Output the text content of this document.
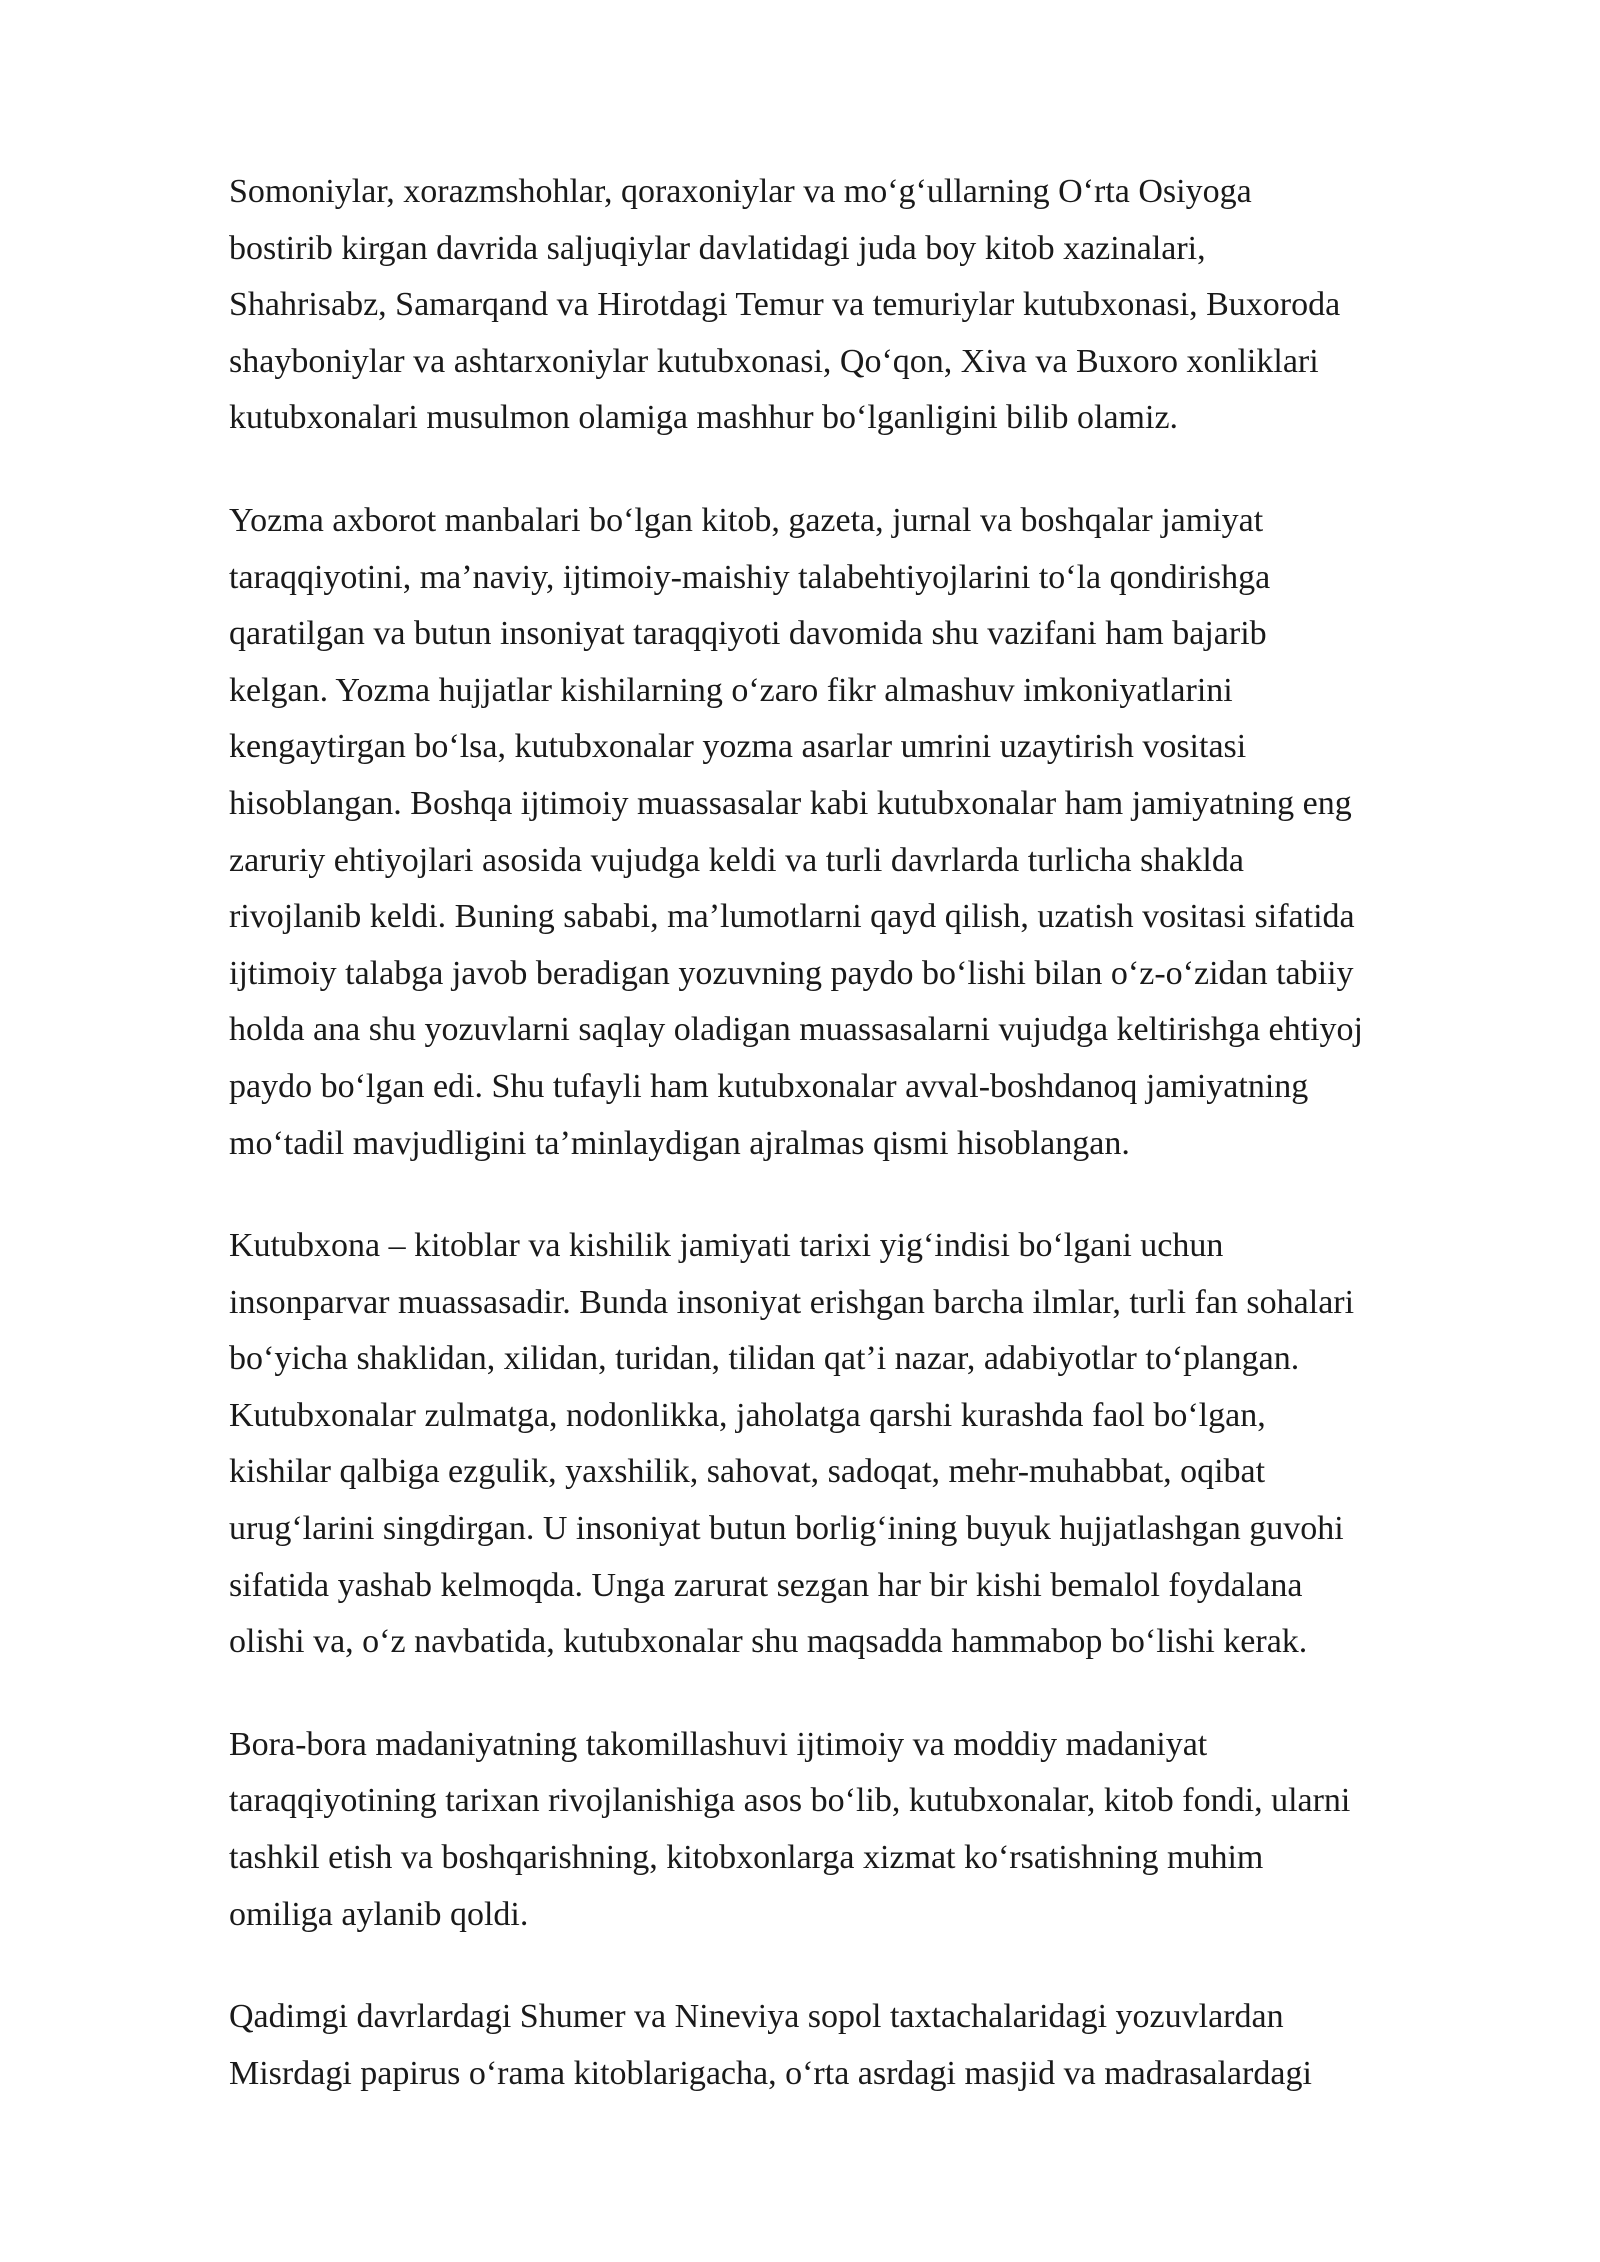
Somoniylar, xorazmshohlar, qoraxoniylar va moʻgʻullarning Oʻrta Osiyoga
bostirib kirgan davrida saljuqiylar davlatidagi juda boy kitob xazinalari,
Shahrisabz, Samarqand va Hirotdagi Temur va temuriylar kutubxonasi, Buxoroda
shayboniylar va ashtarxoniylar kutubxonasi, Qoʻqon, Xiva va Buxoro xonliklari
kutubxonalari musulmon olamiga mashhur boʻlganligini bilib olamiz.

Yozma axborot manbalari boʻlgan kitob, gazeta, jurnal va boshqalar jamiyat
taraqqiyotini, maʼnaviy, ijtimoiy-maishiy talabehtiyojlarini toʻla qondirishga
qaratilgan va butun insoniyat taraqqiyoti davomida shu vazifani ham bajarib
kelgan. Yozma hujjatlar kishilarning oʻzaro fikr almashuv imkoniyatlarini
kengaytirgan boʻlsa, kutubxonalar yozma asarlar umrini uzaytirish vositasi
hisoblangan. Boshqa ijtimoiy muassasalar kabi kutubxonalar ham jamiyatning eng
zaruriy ehtiyojlari asosida vujudga keldi va turli davrlarda turlicha shaklda
rivojlanib keldi. Buning sababi, maʼlumotlarni qayd qilish, uzatish vositasi sifatida
ijtimoiy talabga javob beradigan yozuvning paydo boʻlishi bilan oʻz-oʻzidan tabiiy
holda ana shu yozuvlarni saqlay oladigan muassasalarni vujudga keltirishga ehtiyoj
paydo boʻlgan edi. Shu tufayli ham kutubxonalar avval-boshdanoq jamiyatning
moʻtadil mavjudligini taʼminlaydigan ajralmas qismi hisoblangan.

Kutubxona – kitoblar va kishilik jamiyati tarixi yigʻindisi boʻlgani uchun
insonparvar muassasadir. Bunda insoniyat erishgan barcha ilmlar, turli fan sohalari
boʻyicha shaklidan, xilidan, turidan, tilidan qatʼi nazar, adabiyotlar toʻplangan.
Kutubxonalar zulmatga, nodonlikka, jaholatga qarshi kurashda faol boʻlgan,
kishilar qalbiga ezgulik, yaxshilik, sahovat, sadoqat, mehr-muhabbat, oqibat
urugʻlarini singdirgan. U insoniyat butun borligʻining buyuk hujjatlashgan guvohi
sifatida yashab kelmoqda. Unga zarurat sezgan har bir kishi bemalol foydalana
olishi va, oʻz navbatida, kutubxonalar shu maqsadda hammabop boʻlishi kerak.

Bora-bora madaniyatning takomillashuvi ijtimoiy va moddiy madaniyat
taraqqiyotining tarixan rivojlanishiga asos boʻlib, kutubxonalar, kitob fondi, ularni
tashkil etish va boshqarishning, kitobxonlarga xizmat koʻrsatishning muhim
omiliga aylanib qoldi.

Qadimgi davrlardagi Shumer va Nineviya sopol taxtachalaridagi yozuvlardan
Misrdagi papirus oʻrama kitoblarigacha, oʻrta asrdagi masjid va madrasalardagi
